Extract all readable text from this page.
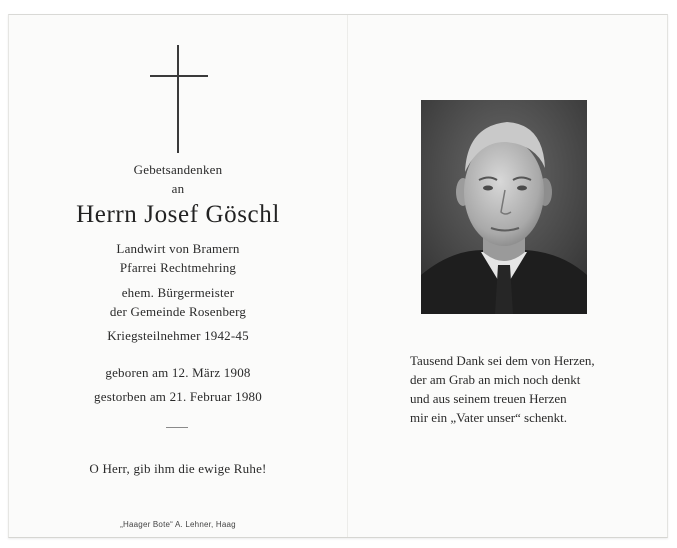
Gebetsandenken
an
Herrn Josef Göschl
Landwirt von Bramern
Pfarrei Rechtmehring
ehem. Bürgermeister
der Gemeinde Rosenberg
Kriegsteilnehmer 1942-45
geboren am 12. März 1908
gestorben am 21. Februar 1980
O Herr, gib ihm die ewige Ruhe!
„Haager Bote“ A. Lehner, Haag
Tausend Dank sei dem von Herzen,
der am Grab an mich noch denkt
und aus seinem treuen Herzen
mir ein „Vater unser“ schenkt.
